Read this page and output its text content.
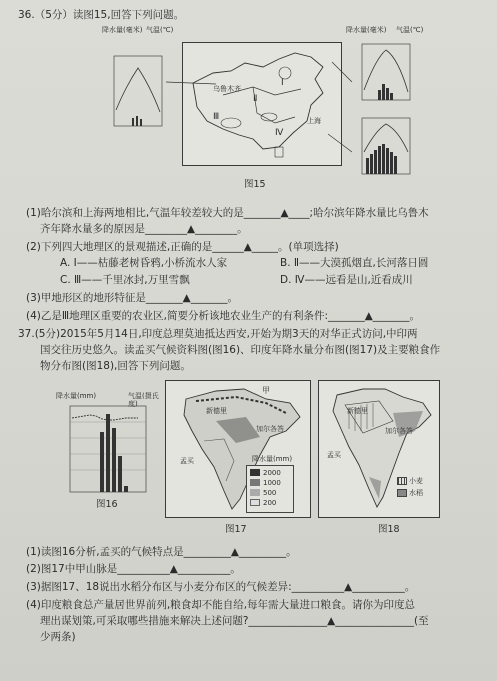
36.（5分）读图15,回答下列问题。
降水量(毫米) 气温(℃)
乌鲁木齐
Ⅰ
Ⅱ
Ⅲ
Ⅳ
上海
降水量(毫米) 气温(℃)
图15
(1)哈尔滨和上海两地相比,气温年较差较大的是_______▲____;哈尔滨年降水量比乌鲁木
齐年降水量多的原因是________▲________。
(2)下列四大地理区的景观描述,正确的是______▲_____。(单项选择)
A. Ⅰ——枯藤老树昏鸦,小桥流水人家	B. Ⅱ——大漠孤烟直,长河落日圆
C. Ⅲ——千里冰封,万里雪飘	D. Ⅳ——远看是山,近看成川
(3)甲地形区的地形特征是_______▲_______。
(4)乙是Ⅲ地理区重要的农业区,简要分析该地农业生产的有利条件:_______▲_______。
37.(5分)2015年5月14日,印度总理莫迪抵达西安,开始为期3天的对华正式访问,中印两
国交往历史悠久。读孟买气候资料图(图16)、印度年降水量分布图(图17)及主要粮食作
物分布图(图18),回答下列问题。
降水量(mm)	气温(摄氏度)
图16
甲
新德里
加尔各答
孟买	降水量(mm)
2000
1000
500
200
图17
新德里
加尔各答
孟买
小麦
水稻
图18
(1)读图16分析,孟买的气候特点是_________▲_________。
(2)图17中甲山脉是__________▲__________。
(3)据图17、18说出水稻分布区与小麦分布区的气候差异:__________▲__________。
(4)印度粮食总产量居世界前列,粮食却不能自给,每年需大量进口粮食。请你为印度总
理出谋划策,可采取哪些措施来解决上述问题?_______________▲_______________(至
少两条)
